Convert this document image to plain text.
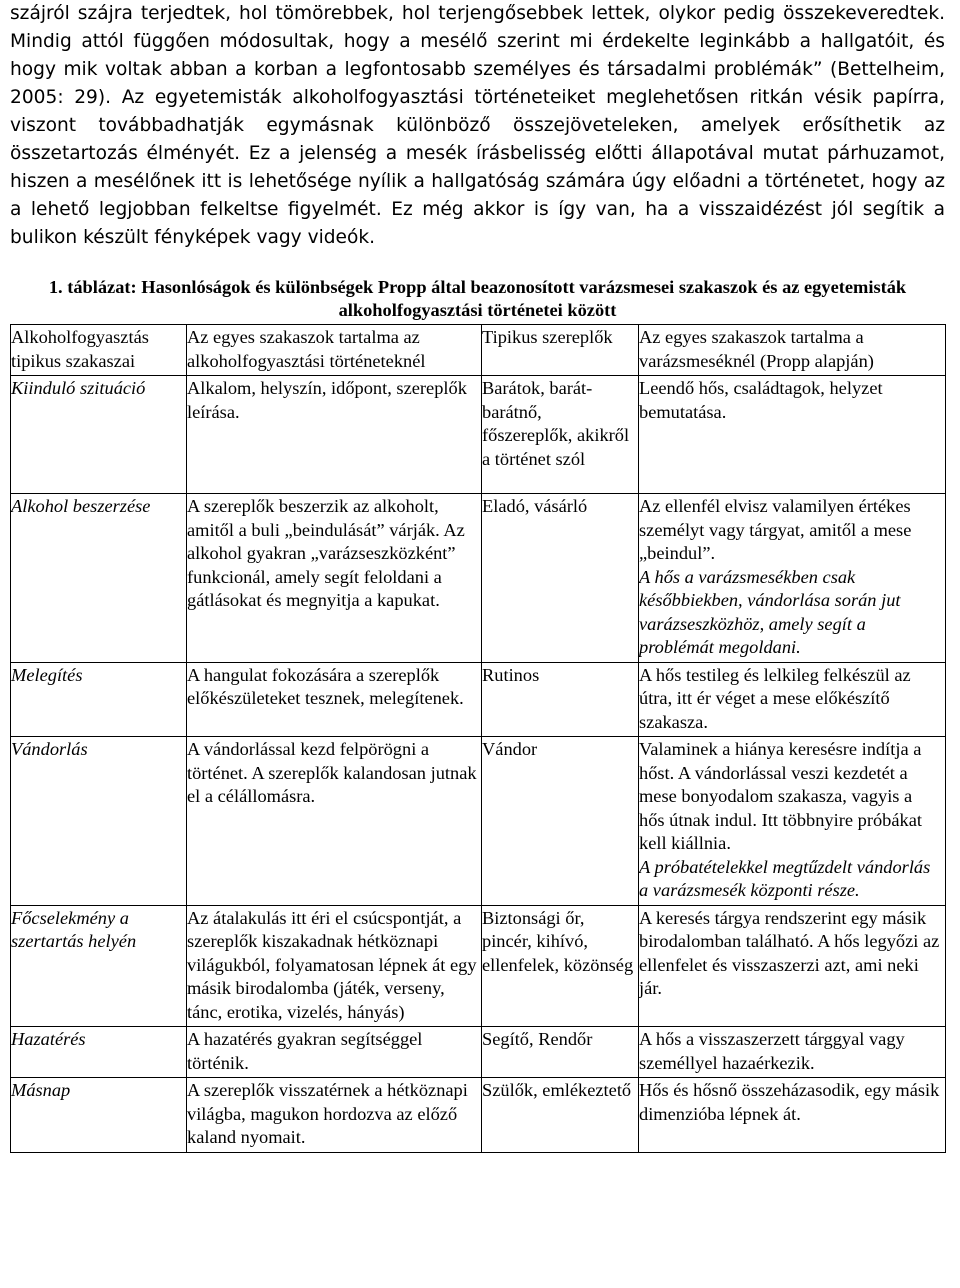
szájról szájra terjedtek, hol tömörebbek, hol terjengősebbek lettek, olykor pedig összekeveredtek. Mindig attól függően módosultak, hogy a mesélő szerint mi érdekelte leginkább a hallgatóit, és hogy mik voltak abban a korban a legfontosabb személyes és társadalmi problémák” (Bettelheim, 2005: 29). Az egyetemisták alkoholfogyasztási történeteiket meglehetősen ritkán vésik papírra, viszont továbbadhatják egymásnak különböző összejöveteleken, amelyek erősíthetik az összetartozás élményét. Ez a jelenség a mesék írásbelisség előtti állapotával mutat párhuzamot, hiszen a mesélőnek itt is lehetősége nyílik a hallgatóság számára úgy előadni a történetet, hogy az a lehető legjobban felkeltse figyelmét. Ez még akkor is így van, ha a visszaidézést jól segítik a bulikon készült fényképek vagy videók.

1. táblázat: Hasonlóságok és különbségek Propp által beazonosított varázsmesei szakaszok és az egyetemisták alkoholfogyasztási történetei között
Alkoholfogyasztás tipikus szakaszai	Az egyes szakaszok tartalma az alkoholfogyasztási történeteknél	Tipikus szereplők	Az egyes szakaszok tartalma a varázsmeséknél (Propp alapján)
Kiinduló szituáció	Alkalom, helyszín, időpont, szereplők leírása.	Barátok, barát-barátnő, főszereplők, akikről a történet szól	Leendő hős, családtagok, helyzet bemutatása.

Alkohol beszerzése	A szereplők beszerzik az alkoholt, amitől a buli „beindulását” várják. Az alkohol gyakran „varázseszközként” funkcionál, amely segít feloldani a gátlásokat és megnyitja a kapukat.	Eladó, vásárló	Az ellenfél elvisz valamilyen értékes személyt vagy tárgyat, amitől a mese „beindul”.
A hős a varázsmesékben csak későbbiekben, vándorlása során jut varázseszközhöz, amely segít a problémát megoldani.

Melegítés	A hangulat fokozására a szereplők előkészületeket tesznek, melegítenek.	Rutinos	A hős testileg és lelkileg felkészül az útra, itt ér véget a mese előkészítő szakasza.

Vándorlás	A vándorlással kezd felpörögni a történet. A szereplők kalandosan jutnak el a célállomásra.	Vándor	Valaminek a hiánya keresésre indítja a hőst. A vándorlással veszi kezdetét a mese bonyodalom szakasza, vagyis a hős útnak indul. Itt többnyire próbákat kell kiállnia.
A próbatételekkel megtűzdelt vándorlás a varázsmesék központi része.

Főcselekmény a szertartás helyén	Az átalakulás itt éri el csúcspontját, a szereplők kiszakadnak hétköznapi világukból, folyamatosan lépnek át egy másik birodalomba (játék, verseny, tánc, erotika, vizelés, hányás)	Biztonsági őr, pincér, kihívó, ellenfelek, közönség	A keresés tárgya rendszerint egy másik birodalomban található. A hős legyőzi az ellenfelet és visszaszerzi azt, ami neki jár.

Hazatérés	A hazatérés gyakran segítséggel történik.	Segítő, Rendőr	A hős a visszaszerzett tárggyal vagy személlyel hazaérkezik.

Másnap	A szereplők visszatérnek a hétköznapi világba, magukon hordozva az előző kaland nyomait.	Szülők, emlékeztető	Hős és hősnő összeházasodik, egy másik dimenzióba lépnek át.
